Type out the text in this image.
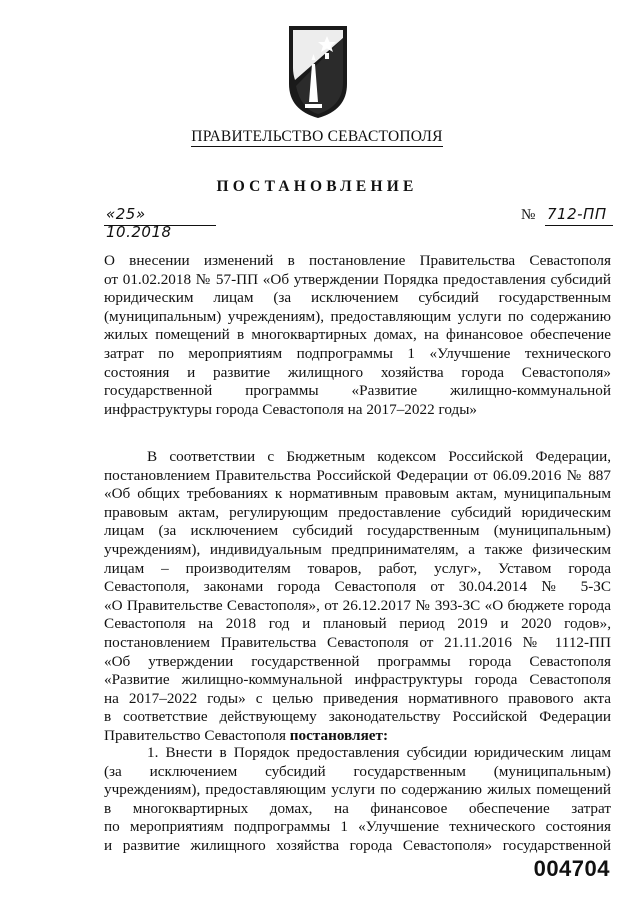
ПРАВИТЕЛЬСТВО СЕВАСТОПОЛЯ
ПОСТАНОВЛЕНИЕ
«25» 10.2018
№ 712-ПП
О внесении изменений в постановление Правительства Севастополя
от 01.02.2018 № 57-ПП «Об утверждении Порядка предоставления субсидий
юридическим лицам (за исключением субсидий государственным
(муниципальным) учреждениям), предоставляющим услуги по содержанию
жилых помещений в многоквартирных домах, на финансовое обеспечение
затрат по мероприятиям подпрограммы 1 «Улучшение технического
состояния и развитие жилищного хозяйства города Севастополя»
государственной программы «Развитие жилищно-коммунальной
инфраструктуры города Севастополя на 2017–2022 годы»
В соответствии с Бюджетным кодексом Российской Федерации,
постановлением Правительства Российской Федерации от 06.09.2016 № 887
«Об общих требованиях к нормативным правовым актам, муниципальным
правовым актам, регулирующим предоставление субсидий юридическим
лицам (за исключением субсидий государственным (муниципальным)
учреждениям), индивидуальным предпринимателям, а также физическим
лицам – производителям товаров, работ, услуг», Уставом города
Севастополя, законами города Севастополя от 30.04.2014 № 5-ЗС
«О Правительстве Севастополя», от 26.12.2017 № 393-ЗС «О бюджете города
Севастополя на 2018 год и плановый период 2019 и 2020 годов»,
постановлением Правительства Севастополя от 21.11.2016 № 1112-ПП
«Об утверждении государственной программы города Севастополя
«Развитие жилищно-коммунальной инфраструктуры города Севастополя
на 2017–2022 годы» с целью приведения нормативного правового акта
в соответствие действующему законодательству Российской Федерации
Правительство Севастополя постановляет:
1. Внести в Порядок предоставления субсидии юридическим лицам
(за исключением субсидий государственным (муниципальным)
учреждениям), предоставляющим услуги по содержанию жилых помещений
в многоквартирных домах, на финансовое обеспечение затрат
по мероприятиям подпрограммы 1 «Улучшение технического состояния
и развитие жилищного хозяйства города Севастополя» государственной
004704
